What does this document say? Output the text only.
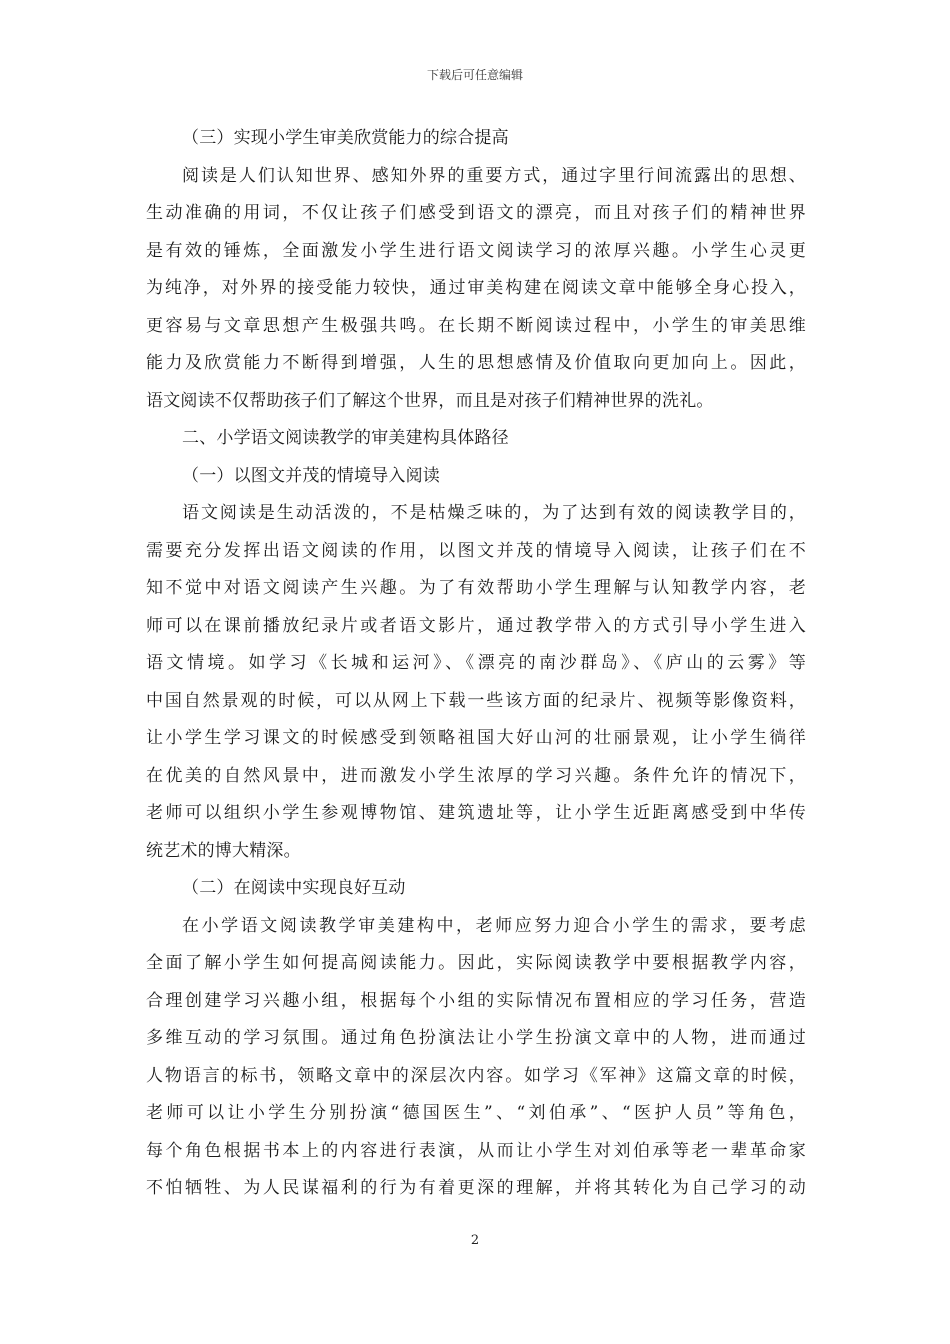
下载后可任意编辑
（三）实现小学生审美欣赏能力的综合提高
阅读是人们认知世界、感知外界的重要方式，通过字里行间流露出的思想、
生动准确的用词，不仅让孩子们感受到语文的漂亮，而且对孩子们的精神世界
是有效的锤炼，全面激发小学生进行语文阅读学习的浓厚兴趣。小学生心灵更
为纯净，对外界的接受能力较快，通过审美构建在阅读文章中能够全身心投入，
更容易与文章思想产生极强共鸣。在长期不断阅读过程中，小学生的审美思维
能力及欣赏能力不断得到增强，人生的思想感情及价值取向更加向上。因此，
语文阅读不仅帮助孩子们了解这个世界，而且是对孩子们精神世界的洗礼。
二、小学语文阅读教学的审美建构具体路径
（一）以图文并茂的情境导入阅读
语文阅读是生动活泼的，不是枯燥乏味的，为了达到有效的阅读教学目的，
需要充分发挥出语文阅读的作用，以图文并茂的情境导入阅读，让孩子们在不
知不觉中对语文阅读产生兴趣。为了有效帮助小学生理解与认知教学内容，老
师可以在课前播放纪录片或者语文影片，通过教学带入的方式引导小学生进入
语文情境。如学习《长城和运河》、《漂亮的南沙群岛》、《庐山的云雾》等
中国自然景观的时候，可以从网上下载一些该方面的纪录片、视频等影像资料，
让小学生学习课文的时候感受到领略祖国大好山河的壮丽景观，让小学生徜徉
在优美的自然风景中，进而激发小学生浓厚的学习兴趣。条件允许的情况下，
老师可以组织小学生参观博物馆、建筑遗址等，让小学生近距离感受到中华传
统艺术的博大精深。
（二）在阅读中实现良好互动
在小学语文阅读教学审美建构中，老师应努力迎合小学生的需求，要考虑
全面了解小学生如何提高阅读能力。因此，实际阅读教学中要根据教学内容，
合理创建学习兴趣小组，根据每个小组的实际情况布置相应的学习任务，营造
多维互动的学习氛围。通过角色扮演法让小学生扮演文章中的人物，进而通过
人物语言的标书，领略文章中的深层次内容。如学习《军神》这篇文章的时候，
老师可以让小学生分别扮演“德国医生”、“刘伯承”、“医护人员”等角色，
每个角色根据书本上的内容进行表演，从而让小学生对刘伯承等老一辈革命家
不怕牺牲、为人民谋福利的行为有着更深的理解，并将其转化为自己学习的动
2
